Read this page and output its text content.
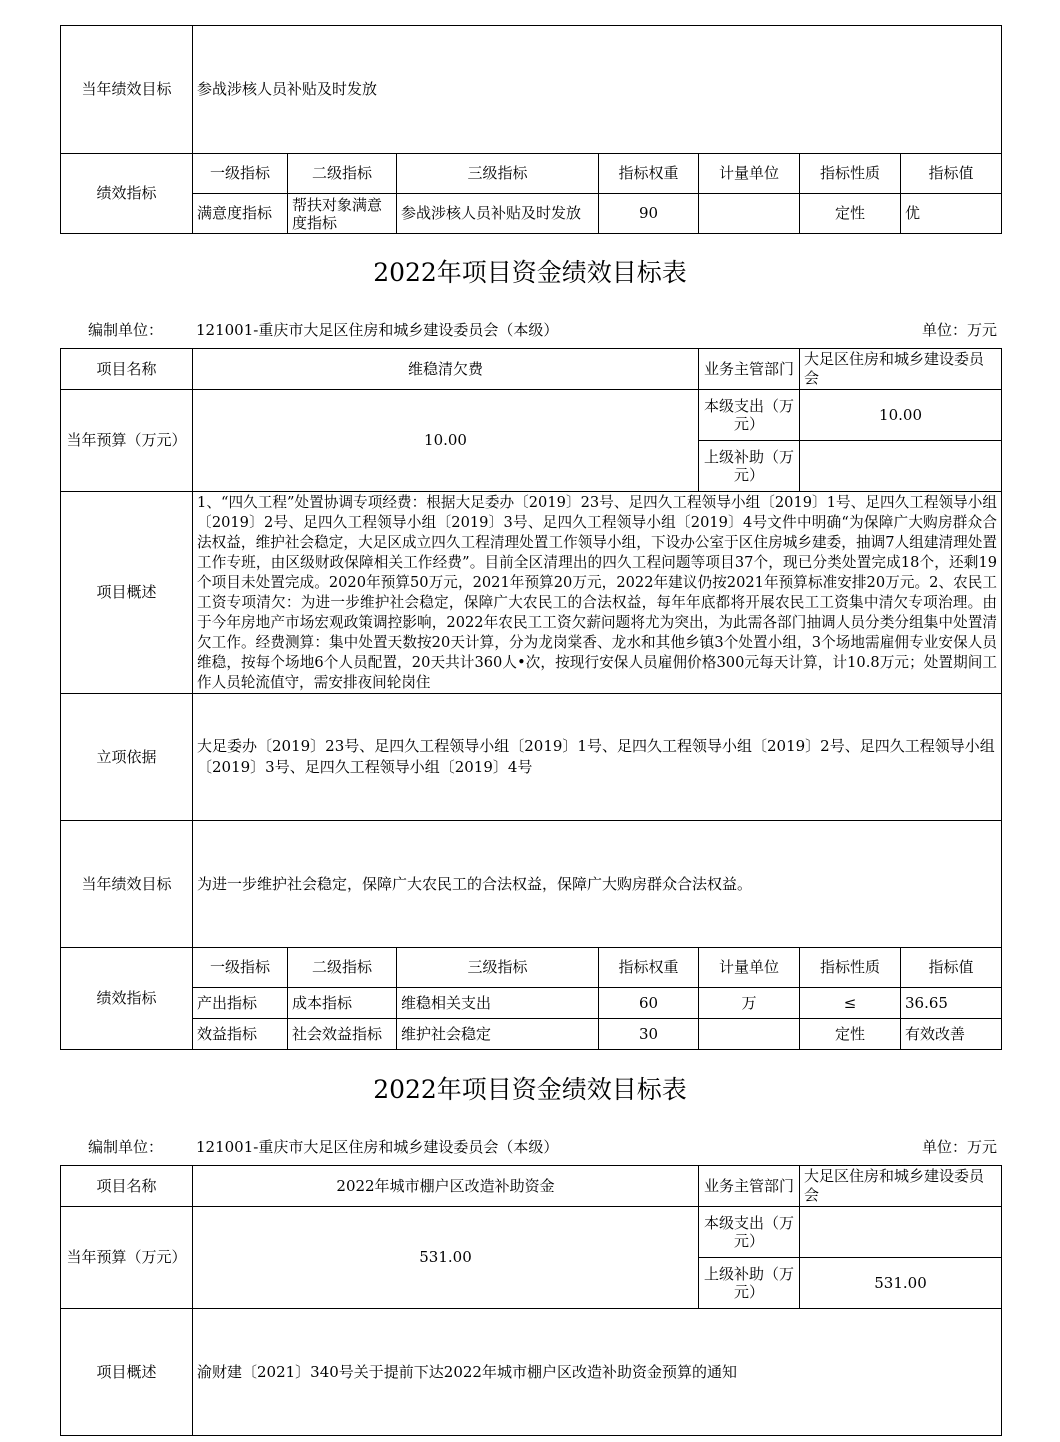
当年绩效目标	参战涉核人员补贴及时发放						
绩效指标	一级指标	二级指标	三级指标	指标权重	计量单位	指标性质	指标值
	满意度指标	帮扶对象满意度指标	参战涉核人员补贴及时发放	90		定性	优
2022年项目资金绩效目标表
编制单位： 121001-重庆市大足区住房和城乡建设委员会（本级）	单位：万元
项目名称	维稳清欠费				业务主管部门	大足区住房和城乡建设委员会	
当年预算（万元）	10.00				本级支出（万元）	10.00	
					上级补助（万元）		
项目概述	1、“四久工程”处置协调专项经费：根据大足委办〔2019〕23号、足四久工程领导小组〔2019〕1号、足四久工程领导小组〔2019〕2号、足四久工程领导小组〔2019〕3号、足四久工程领导小组〔2019〕4号文件中明确“为保障广大购房群众合法权益，维护社会稳定，大足区成立四久工程清理处置工作领导小组，下设办公室于区住房城乡建委，抽调7人组建清理处置工作专班，由区级财政保障相关工作经费”。目前全区清理出的四久工程问题等项目37个，现已分类处置完成18个，还剩19个项目未处置完成。2020年预算50万元，2021年预算20万元，2022年建议仍按2021年预算标准安排20万元。2、农民工工资专项清欠：为进一步维护社会稳定，保障广大农民工的合法权益，每年年底都将开展农民工工资集中清欠专项治理。由于今年房地产市场宏观政策调控影响，2022年农民工工资欠薪问题将尤为突出，为此需各部门抽调人员分类分组集中处置清欠工作。经费测算：集中处置天数按20天计算，分为龙岗棠香、龙水和其他乡镇3个处置小组，3个场地需雇佣专业安保人员维稳，按每个场地6个人员配置，20天共计360人•次，按现行安保人员雇佣价格300元每天计算，计10.8万元；处置期间工作人员轮流值守，需安排夜间轮岗住						

立项依据	大足委办〔2019〕23号、足四久工程领导小组〔2019〕1号、足四久工程领导小组〔2019〕2号、足四久工程领导小组〔2019〕3号、足四久工程领导小组〔2019〕4号						
当年绩效目标	为进一步维护社会稳定，保障广大农民工的合法权益，保障广大购房群众合法权益。						
绩效指标	一级指标	二级指标	三级指标	指标权重	计量单位	指标性质	指标值
	产出指标	成本指标	维稳相关支出	60	万	≤	36.65
	效益指标	社会效益指标	维护社会稳定	30		定性	有效改善
2022年项目资金绩效目标表
编制单位： 121001-重庆市大足区住房和城乡建设委员会（本级）	单位：万元
项目名称	2022年城市棚户区改造补助资金	业务主管部门	大足区住房和城乡建设委员会
当年预算（万元）	531.00	本级支出（万元）	
		上级补助（万元）	531.00
项目概述	渝财建〔2021〕340号关于提前下达2022年城市棚户区改造补助资金预算的通知		
